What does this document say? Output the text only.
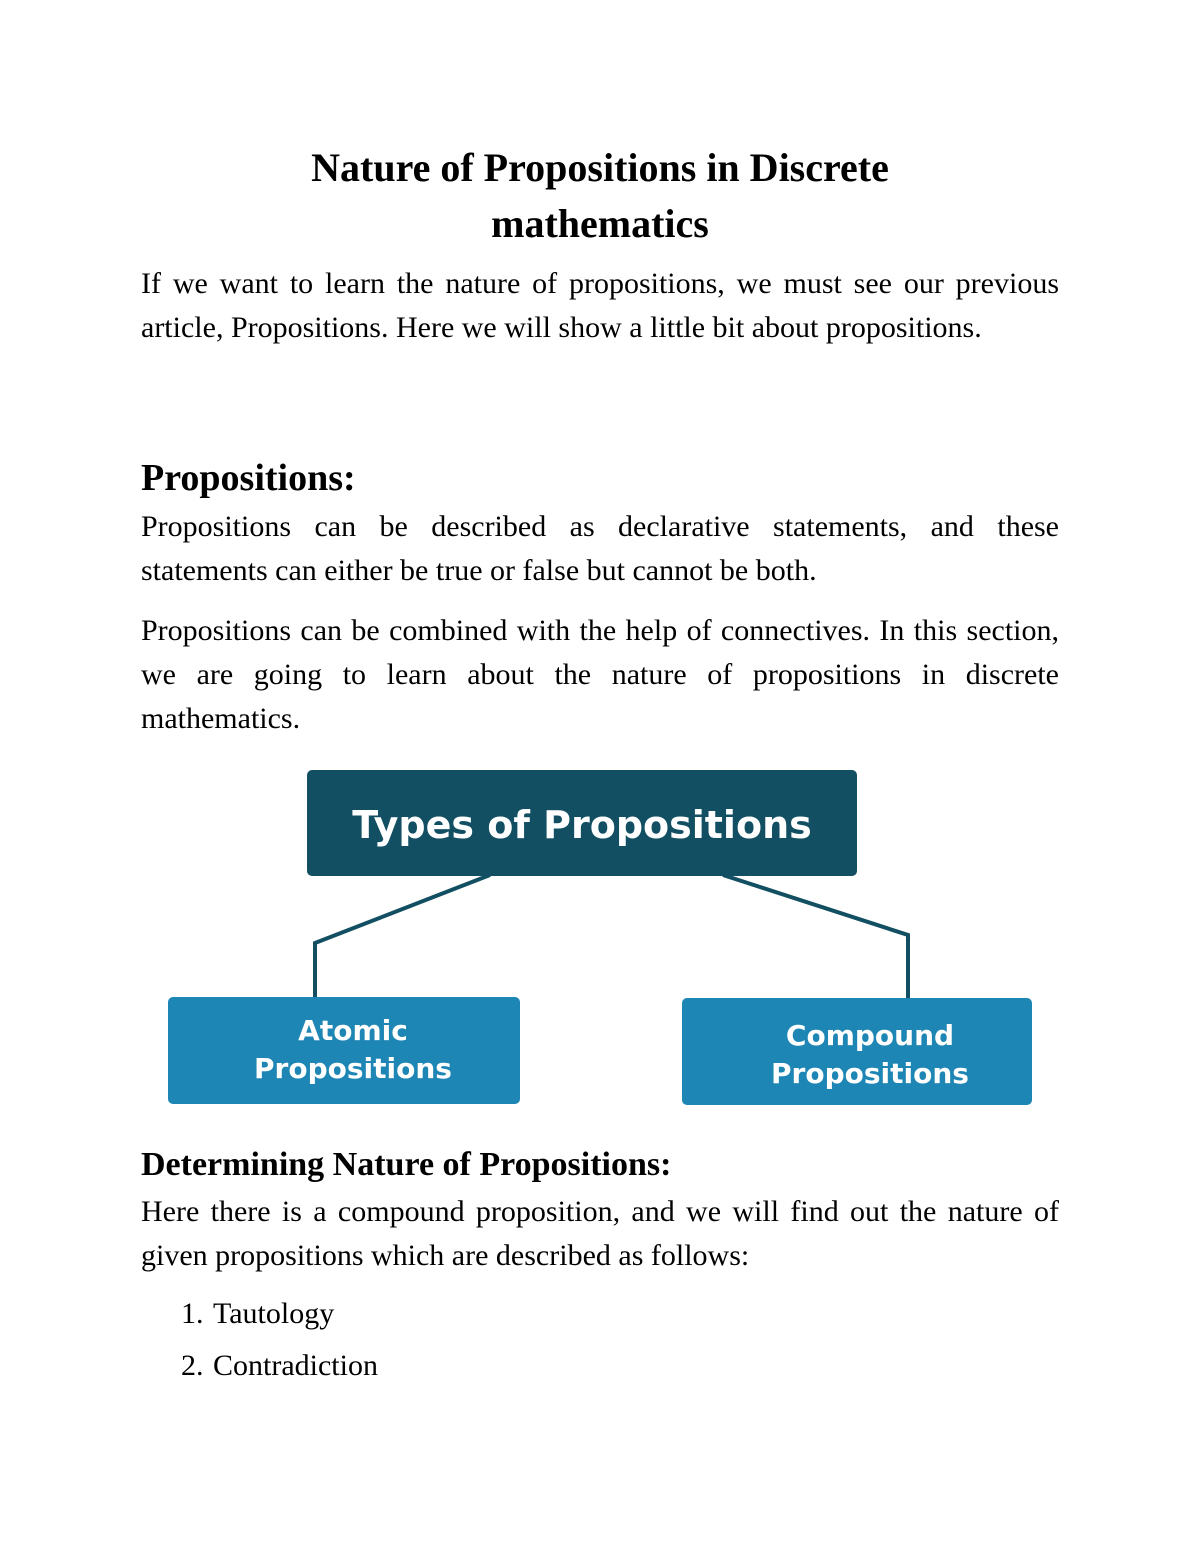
Nature of Propositions in Discrete
mathematics

If we want to learn the nature of propositions, we must see our previous article, Propositions. Here we will show a little bit about propositions.

Propositions:

Propositions can be described as declarative statements, and these statements can either be true or false but cannot be both.

Propositions can be combined with the help of connectives. In this section, we are going to learn about the nature of propositions in discrete mathematics.

Types of Propositions
Atomic
Propositions
Compound
Propositions
Determining Nature of Propositions:

Here there is a compound proposition, and we will find out the nature of given propositions which are described as follows:

1. Tautology
2. Contradiction
